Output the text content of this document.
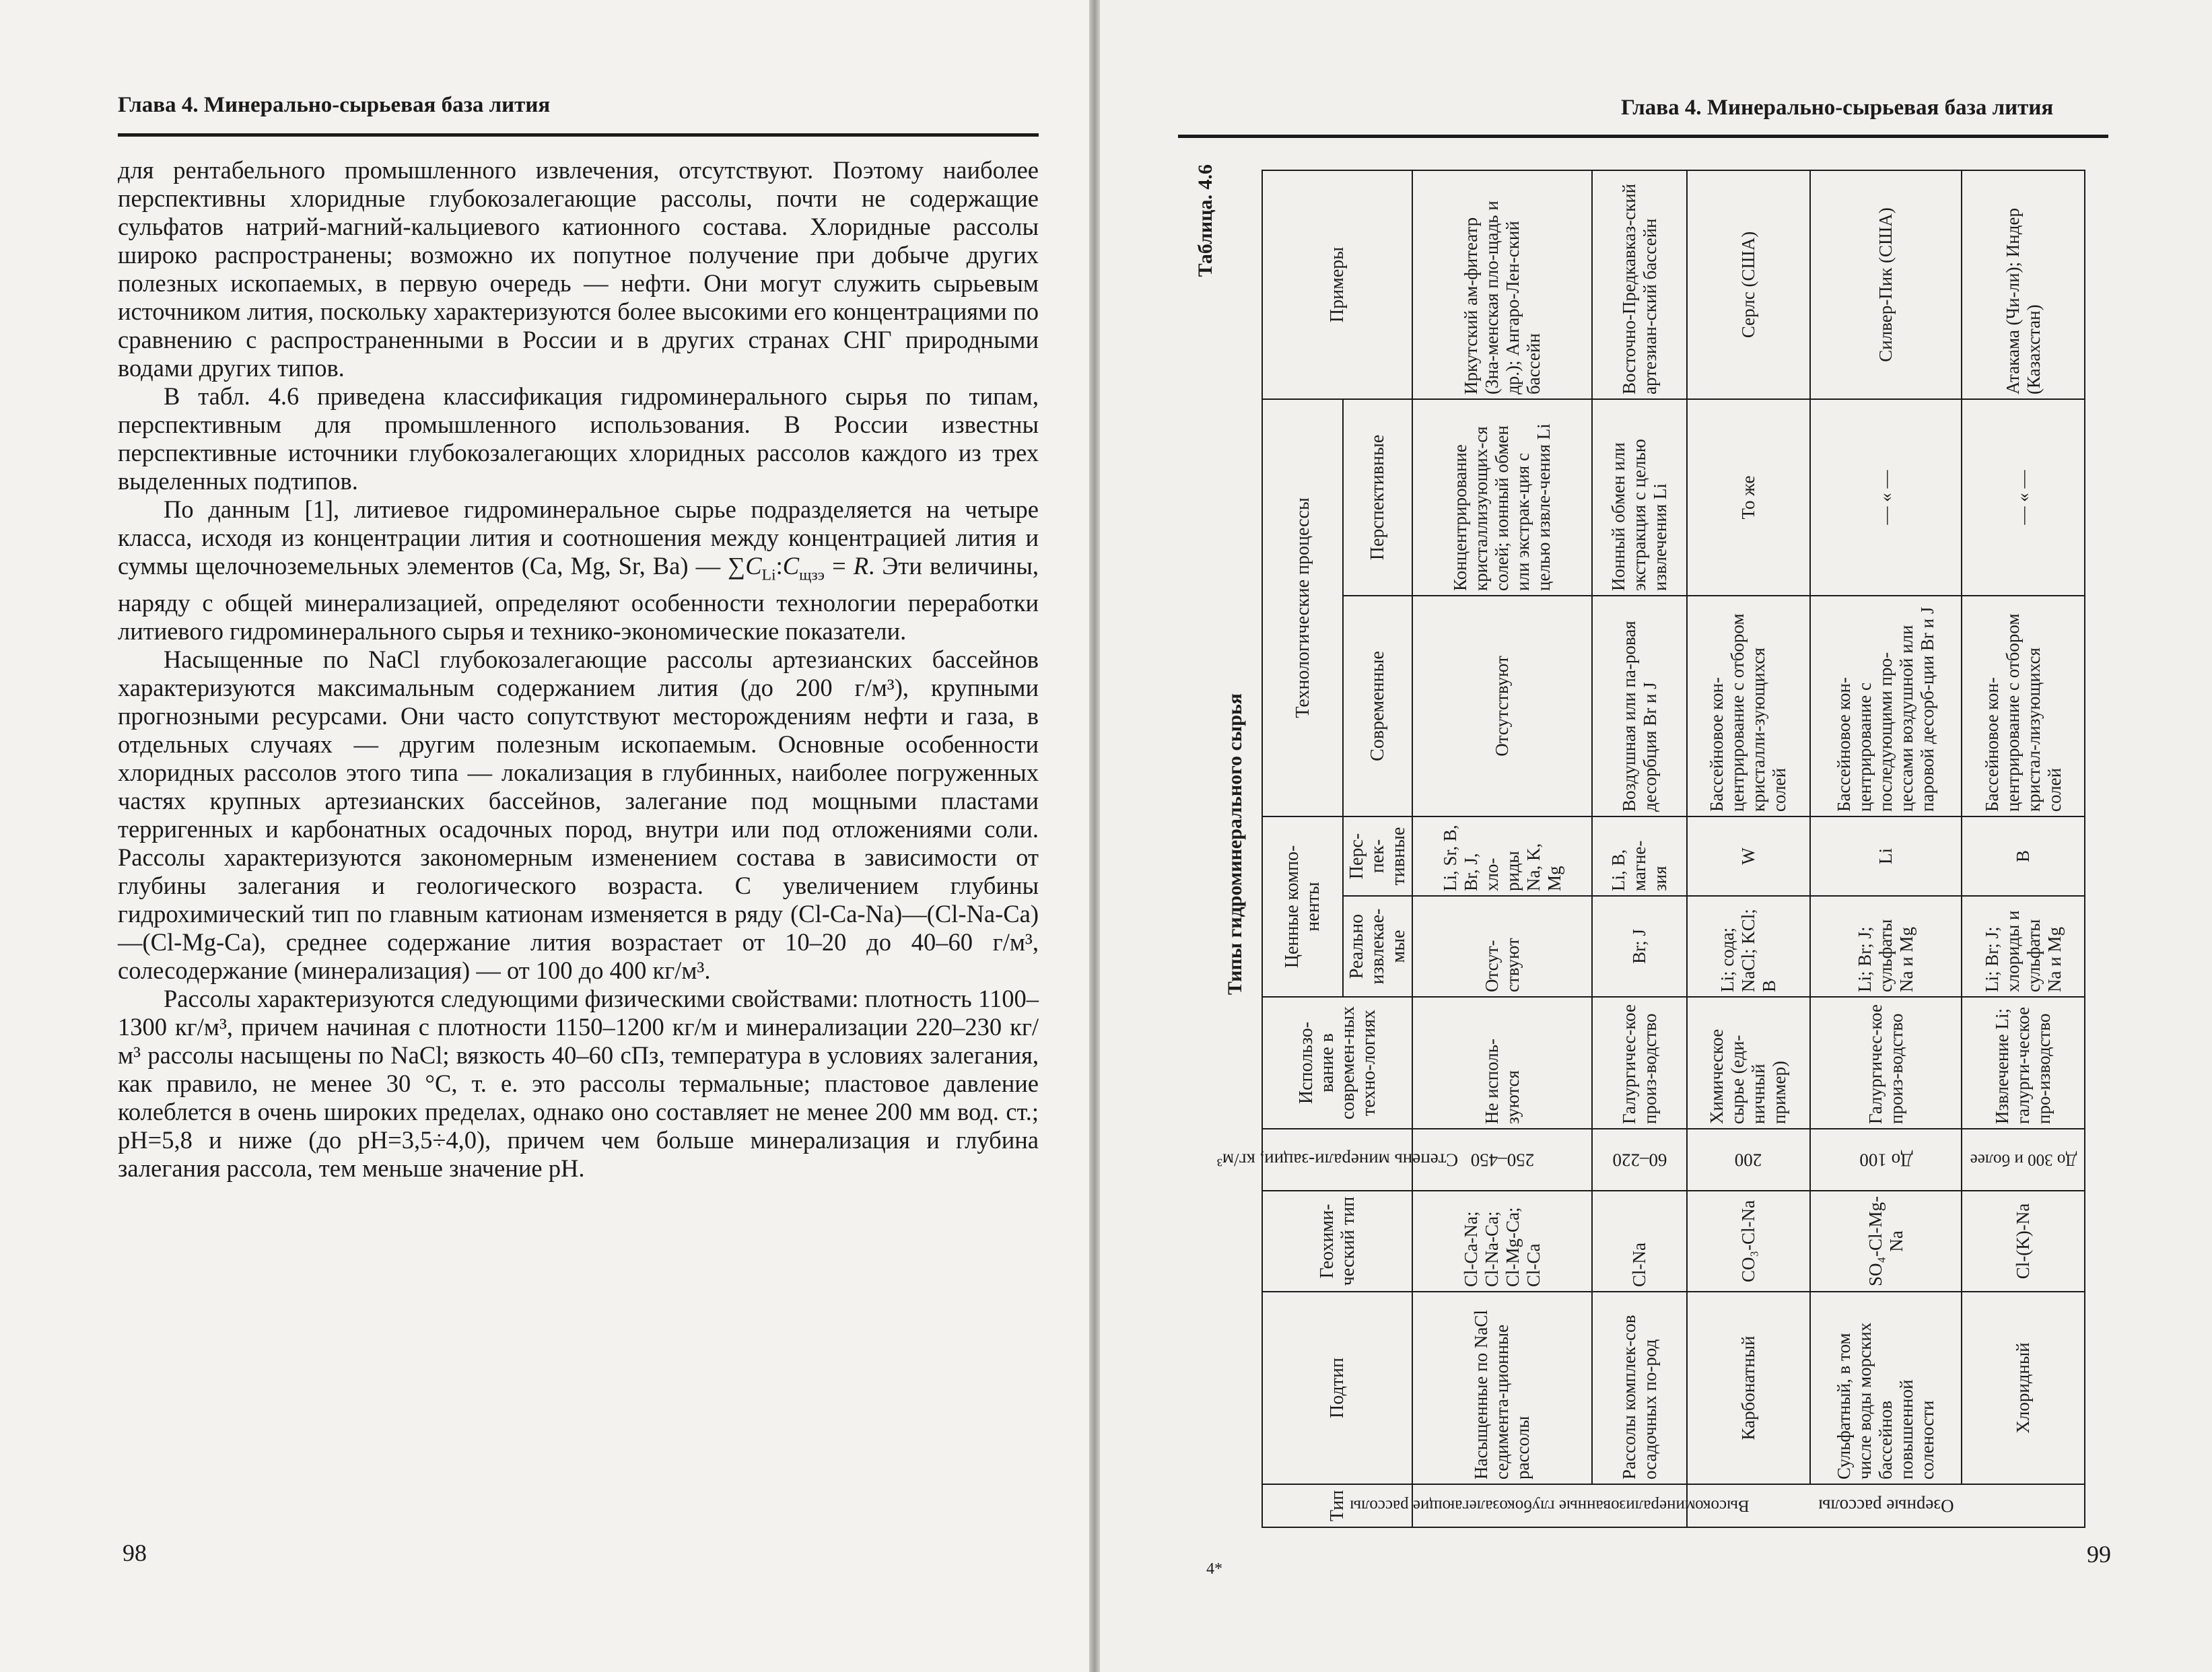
Глава 4. Минерально-сырьевая база лития

для рентабельного промышленного извлечения, отсутствуют. Поэтому наиболее перспективны хлоридные глубокозалегающие рассолы, почти не содержащие сульфатов натрий-магний-кальциевого катионного состава. Хлоридные рассолы широко распространены; возможно их попутное получение при добыче других полезных ископаемых, в первую очередь — нефти. Они могут служить сырьевым источником лития, поскольку характеризуются более высокими его концентрациями по сравнению с распространенными в России и в других странах СНГ природными водами других типов.

В табл. 4.6 приведена классификация гидроминерального сырья по типам, перспективным для промышленного использования. В России известны перспективные источники глубокозалегающих хлоридных рассолов каждого из трех выделенных подтипов.

По данным [1], литиевое гидроминеральное сырье подразделяется на четыре класса, исходя из концентрации лития и соотношения между концентрацией лития и суммы щелочноземельных элементов (Ca, Mg, Sr, Ba) — $\sum C_{Li}:C_{щзэ} = R$. Эти величины, наряду с общей минерализацией, определяют особенности технологии переработки литиевого гидроминерального сырья и технико-экономические показатели.

Насыщенные по NaCl глубокозалегающие рассолы артезианских бассейнов характеризуются максимальным содержанием лития (до 200 г/м³), крупными прогнозными ресурсами. Они часто сопутствуют месторождениям нефти и газа, в отдельных случаях — другим полезным ископаемым. Основные особенности хлоридных рассолов этого типа — локализация в глубинных, наиболее погруженных частях крупных артезианских бассейнов, залегание под мощными пластами терригенных и карбонатных осадочных пород, внутри или под отложениями соли. Рассолы характеризуются закономерным изменением состава в зависимости от глубины залегания и геологического возраста. С увеличением глубины гидрохимический тип по главным катионам изменяется в ряду (Cl-Ca-Na)—(Cl-Na-Ca)—(Cl-Mg-Ca), среднее содержание лития возрастает от 10–20 до 40–60 г/м³, солесодержание (минерализация) — от 100 до 400 кг/м³.

Рассолы характеризуются следующими физическими свойствами: плотность 1100–1300 кг/м³, причем начиная с плотности 1150–1200 кг/м и минерализации 220–230 кг/м³ рассолы насыщены по NaCl; вязкость 40–60 сПз, температура в условиях залегания, как правило, не менее 30 °С, т. е. это рассолы термальные; пластовое давление колеблется в очень широких пределах, однако оно составляет не менее 200 мм вод. ст.; pH=5,8 и ниже (до pH=3,5÷4,0), причем чем больше минерализация и глубина залегания рассола, тем меньше значение pH.

98
Глава 4. Минерально-сырьевая база лития
Таблица. 4.6
Типы гидроминерального сырья
Тип	Подтип	Геохими-ческий тип	Степень минерали-зации, кг/м³	Использо-вание в современ-ных техно-логиях	Ценные компо-ненты		Технологические процессы		Примеры
					Реально извлекае-мые	Перс-пек-тивные	Современные	Перспективные	

Высокоминерализованные глубокозалегающие рассолы	Насыщенные по NaCl седимента-ционные рассолы	Cl-Ca-Na; Cl-Na-Ca; Cl-Mg-Ca; Cl-Ca	250–450	Не исполь-зуются	Отсут-ствуют	Li, Sr, B, Br, J, хло-риды Na, K, Mg	Отсутствуют	Концентрирование кристаллизующих-ся солей; ионный обмен или экстрак-ция с целью извле-чения Li	Иркутский ам-фитеатр (Зна-менская пло-щадь и др.); Ангаро-Лен-ский бассейн
	Рассолы комплек-сов осадочных по-род	Cl-Na	60–220	Галургичес-кое произ-водство	Br; J	Li, B, магне-зия	Воздушная или па-ровая десорбция Br и J	Ионный обмен или экстракция с целью извлечения Li	Восточно-Предкавказ-ский артезиан-ский бассейн

Озерные рассолы	Карбонатный	CO₃-Cl-Na	200	Химическое сырье (еди-ничный пример)	Li; сода; NaCl; KCl; B	W	Бассейновое кон-центрирование с отбором кристалли-зующихся солей	То же	Серлс (США)
	Сульфатный, в том числе воды морских бассейнов повышенной солености	SO₄-Cl-Mg-Na	До 100	Галургичес-кое произ-водство	Li; Br; J; сульфаты Na и Mg	Li	Бассейновое кон-центрирование с последующими про-цессами воздушной или паровой десорб-ции Br и J	— « —	Силвер-Пик (США)
	Хлоридный	Cl-(K)-Na	До 300 и более	Извлечение Li; галурги-ческое про-изводство	Li; Br; J; хлориды и сульфаты Na и Mg	B	Бассейновое кон-центрирование с отбором кристал-лизующихся солей	— « —	Атакама (Чи-ли); Индер (Казахстан)
4*
99
